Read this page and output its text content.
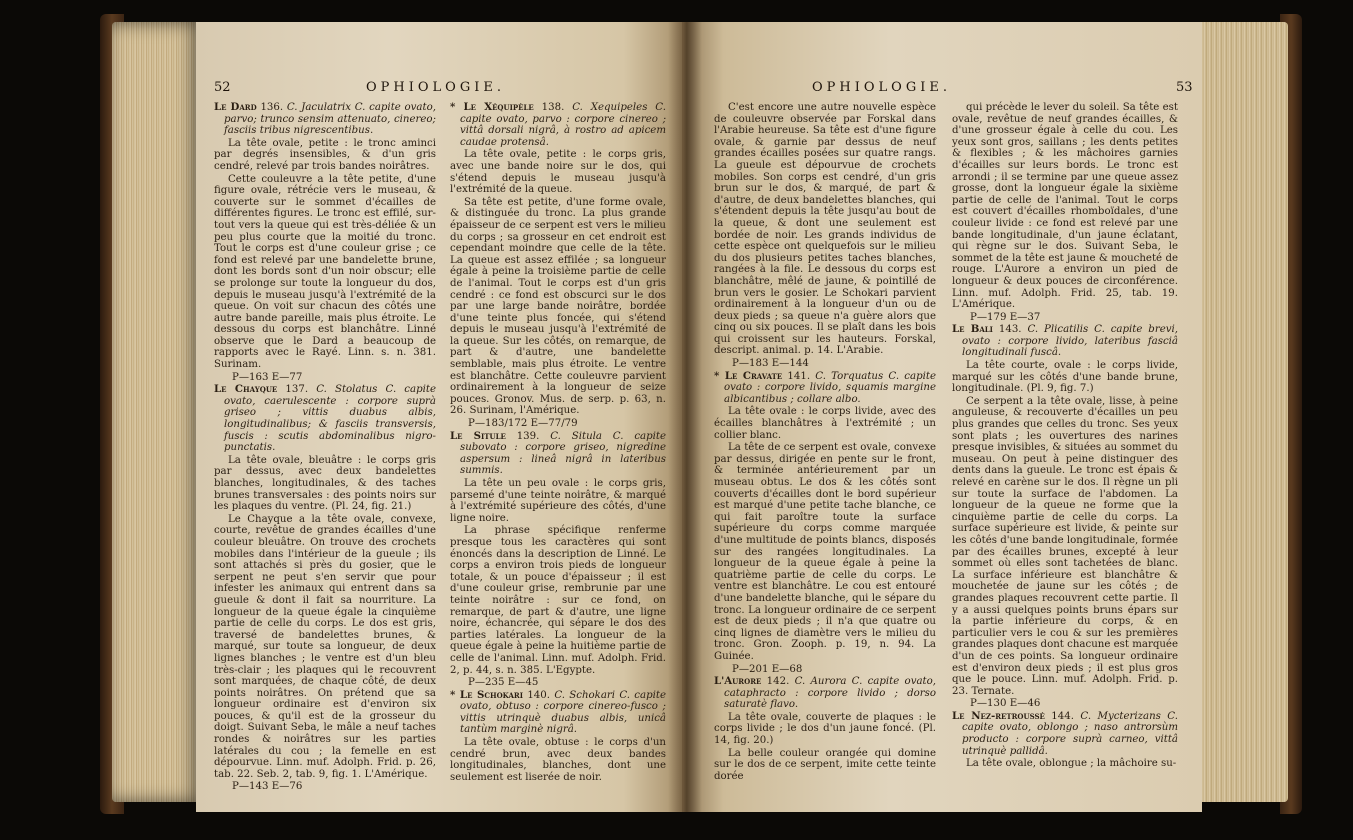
52	OPHIOLOGIE.

Le Dard 136. C. Jaculatrix C. capite ovato, parvo; trunco sensim attenuato, cinereo; fasciis tribus nigrescentibus.

La tête ovale, petite : le tronc aminci par degrés insensibles, & d'un gris cendré, relevé par trois bandes noirâtres.

Cette couleuvre a la tête petite, d'une figure ovale, rétrécie vers le museau, & couverte sur le sommet d'écailles de différentes figures. Le tronc est effilé, sur-tout vers la queue qui est très-déliée & un peu plus courte que la moitié du tronc. Tout le corps est d'une couleur grise ; ce fond est relevé par une bandelette brune, dont les bords sont d'un noir obscur; elle se prolonge sur toute la longueur du dos, depuis le museau jusqu'à l'extrémité de la queue. On voit sur chacun des côtés une autre bande pareille, mais plus étroite. Le dessous du corps est blanchâtre. Linné observe que le Dard a beaucoup de rapports avec le Rayé. Linn. s. n. 381. Surinam.

P—163 E—77

Le Chayque 137. C. Stolatus C. capite ovato, caerulescente : corpore suprà griseo ; vittis duabus albis, longitudinalibus; & fasciis transversis, fuscis : scutis abdominalibus nigro-punctatis.

La tête ovale, bleuâtre : le corps gris par dessus, avec deux bandelettes blanches, longitudinales, & des taches brunes transversales : des points noirs sur les plaques du ventre. (Pl. 24, fig. 21.)

Le Chayque a la tête ovale, convexe, courte, revêtue de grandes écailles d'une couleur bleuâtre. On trouve des crochets mobiles dans l'intérieur de la gueule ; ils sont attachés si près du gosier, que le serpent ne peut s'en servir que pour infester les animaux qui entrent dans sa gueule & dont il fait sa nourriture. La longueur de la queue égale la cinquième partie de celle du corps. Le dos est gris, traversé de bandelettes brunes, & marqué, sur toute sa longueur, de deux lignes blanches ; le ventre est d'un bleu très-clair ; les plaques qui le recouvrent sont marquées, de chaque côté, de deux points noirâtres. On prétend que sa longueur ordinaire est d'environ six pouces, & qu'il est de la grosseur du doigt. Suivant Seba, le mâle a neuf taches rondes & noirâtres sur les parties latérales du cou ; la femelle en est dépourvue. Linn. muf. Adolph. Frid. p. 26, tab. 22. Seb. 2, tab. 9, fig. 1. L'Amérique.

P—143 E—76

* Le Xéquipèle 138. C. Xequipeles C. capite ovato, parvo : corpore cinereo ; vittâ dorsali nigrâ, à rostro ad apicem caudae protensâ.

La tête ovale, petite : le corps gris, avec une bande noire sur le dos, qui s'étend depuis le museau jusqu'à l'extrémité de la queue.

Sa tête est petite, d'une forme ovale, & distinguée du tronc. La plus grande épaisseur de ce serpent est vers le milieu du corps ; sa grosseur en cet endroit est cependant moindre que celle de la tête. La queue est assez effilée ; sa longueur égale à peine la troisième partie de celle de l'animal. Tout le corps est d'un gris cendré : ce fond est obscurci sur le dos par une large bande noirâtre, bordée d'une teinte plus foncée, qui s'étend depuis le museau jusqu'à l'extrémité de la queue. Sur les côtés, on remarque, de part & d'autre, une bandelette semblable, mais plus étroite. Le ventre est blanchâtre. Cette couleuvre parvient ordinairement à la longueur de seize pouces. Gronov. Mus. de serp. p. 63, n. 26. Surinam, l'Amérique.

P—183/172 E—77/79

Le Situle 139. C. Situla C. capite subovato : corpore griseo, nigredine aspersum : lineâ nigrâ in lateribus summis.

La tête un peu ovale : le corps gris, parsemé d'une teinte noirâtre, & marqué à l'extrémité supérieure des côtés, d'une ligne noire.

La phrase spécifique renferme presque tous les caractères qui sont énoncés dans la description de Linné. Le corps a environ trois pieds de longueur totale, & un pouce d'épaisseur ; il est d'une couleur grise, rembrunie par une teinte noirâtre : sur ce fond, on remarque, de part & d'autre, une ligne noire, échancrée, qui sépare le dos des parties latérales. La longueur de la queue égale à peine la huitième partie de celle de l'animal. Linn. muf. Adolph. Frid. 2, p. 44, s. n. 385. L'Egypte.

P—235 E—45

* Le Schokari 140. C. Schokari C. capite ovato, obtuso : corpore cinereo-fusco ; vittis utrinquè duabus albis, unicâ tantùm marginè nigrâ.

La tête ovale, obtuse : le corps d'un cendré brun, avec deux bandes longitudinales, blanches, dont une seulement est liserée de noir.

OPHIOLOGIE.	53

C'est encore une autre nouvelle espèce de couleuvre observée par Forskal dans l'Arabie heureuse. Sa tête est d'une figure ovale, & garnie par dessus de neuf grandes écailles posées sur quatre rangs. La gueule est dépourvue de crochets mobiles. Son corps est cendré, d'un gris brun sur le dos, & marqué, de part & d'autre, de deux bandelettes blanches, qui s'étendent depuis la tête jusqu'au bout de la queue, & dont une seulement est bordée de noir. Les grands individus de cette espèce ont quelquefois sur le milieu du dos plusieurs petites taches blanches, rangées à la file. Le dessous du corps est blanchâtre, mêlé de jaune, & pointillé de brun vers le gosier. Le Schokari parvient ordinairement à la longueur d'un ou de deux pieds ; sa queue n'a guère alors que cinq ou six pouces. Il se plaît dans les bois qui croissent sur les hauteurs. Forskal, descript. animal. p. 14. L'Arabie.

P—183 E—144

* Le Cravate 141. C. Torquatus C. capite ovato : corpore livido, squamis margine albicantibus ; collare albo.

La tête ovale : le corps livide, avec des écailles blanchâtres à l'extrémité ; un collier blanc.

La tête de ce serpent est ovale, convexe par dessus, dirigée en pente sur le front, & terminée antérieurement par un museau obtus. Le dos & les côtés sont couverts d'écailles dont le bord supérieur est marqué d'une petite tache blanche, ce qui fait paroître toute la surface supérieure du corps comme marquée d'une multitude de points blancs, disposés sur des rangées longitudinales. La longueur de la queue égale à peine la quatrième partie de celle du corps. Le ventre est blanchâtre. Le cou est entouré d'une bandelette blanche, qui le sépare du tronc. La longueur ordinaire de ce serpent est de deux pieds ; il n'a que quatre ou cinq lignes de diamètre vers le milieu du tronc. Gron. Zooph. p. 19, n. 94. La Guinée.

P—201 E—68

L'Aurore 142. C. Aurora C. capite ovato, cataphracto : corpore livido ; dorso saturatè flavo.

La tête ovale, couverte de plaques : le corps livide ; le dos d'un jaune foncé. (Pl. 14, fig. 20.)

La belle couleur orangée qui domine sur le dos de ce serpent, imite cette teinte dorée

qui précède le lever du soleil. Sa tête est ovale, revêtue de neuf grandes écailles, & d'une grosseur égale à celle du cou. Les yeux sont gros, saillans ; les dents petites & flexibles ; & les mâchoires garnies d'écailles sur leurs bords. Le tronc est arrondi ; il se termine par une queue assez grosse, dont la longueur égale la sixième partie de celle de l'animal. Tout le corps est couvert d'écailles rhomboïdales, d'une couleur livide : ce fond est relevé par une bande longitudinale, d'un jaune éclatant, qui règne sur le dos. Suivant Seba, le sommet de la tête est jaune & moucheté de rouge. L'Aurore a environ un pied de longueur & deux pouces de circonférence. Linn. muf. Adolph. Frid. 25, tab. 19. L'Amérique.

P—179 E—37

Le Bali 143. C. Plicatilis C. capite brevi, ovato : corpore livido, lateribus fasciâ longitudinali fuscâ.

La tête courte, ovale : le corps livide, marqué sur les côtés d'une bande brune, longitudinale. (Pl. 9, fig. 7.)

Ce serpent a la tête ovale, lisse, à peine anguleuse, & recouverte d'écailles un peu plus grandes que celles du tronc. Ses yeux sont plats ; les ouvertures des narines presque invisibles, & situées au sommet du museau. On peut à peine distinguer des dents dans la gueule. Le tronc est épais & relevé en carène sur le dos. Il règne un pli sur toute la surface de l'abdomen. La longueur de la queue ne forme que la cinquième partie de celle du corps. La surface supérieure est livide, & peinte sur les côtés d'une bande longitudinale, formée par des écailles brunes, excepté à leur sommet où elles sont tachetées de blanc. La surface inférieure est blanchâtre & mouchetée de jaune sur les côtés ; de grandes plaques recouvrent cette partie. Il y a aussi quelques points bruns épars sur la partie inférieure du corps, & en particulier vers le cou & sur les premières grandes plaques dont chacune est marquée d'un de ces points. Sa longueur ordinaire est d'environ deux pieds ; il est plus gros que le pouce. Linn. muf. Adolph. Frid. p. 23. Ternate.

P—130 E—46

Le Nez-retroussé 144. C. Mycterizans C. capite ovato, oblongo ; naso antrorsùm producto : corpore suprà carneo, vittâ utrinquè pallidâ.

La tête ovale, oblongue ; la mâchoire su-
